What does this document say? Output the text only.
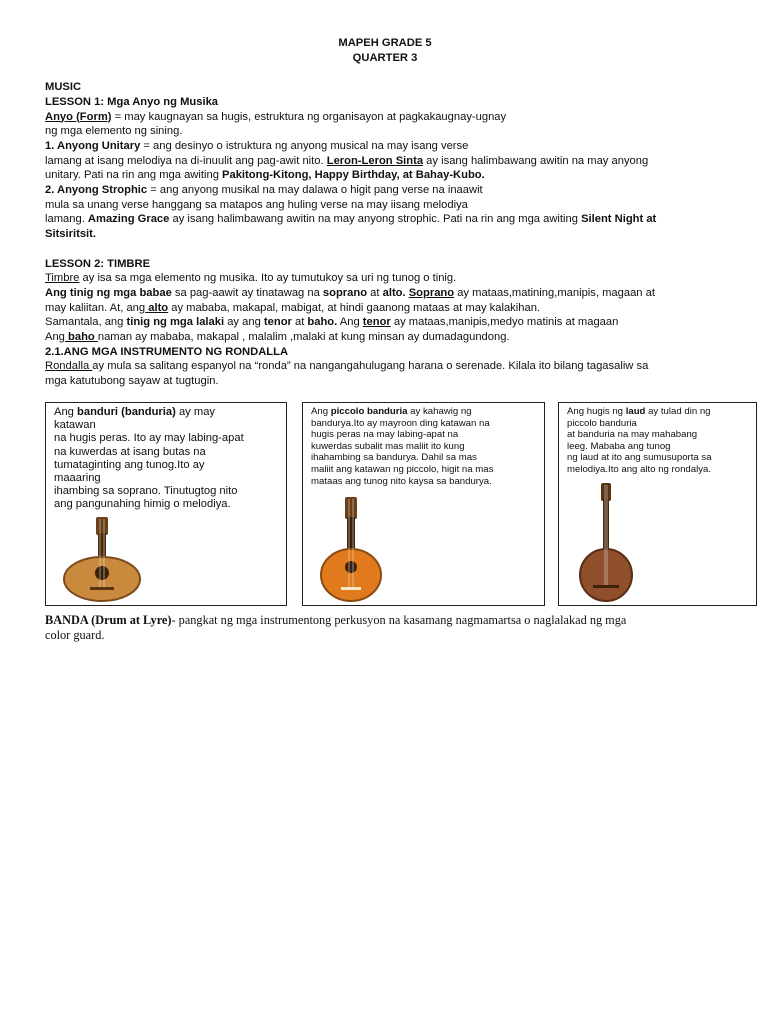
MAPEH GRADE 5
QUARTER 3

MUSIC

LESSON 1: Mga Anyo ng Musika

Anyo (Form) = may kaugnayan sa hugis, estruktura ng organisayon at pagkakaugnay-ugnay

ng mga elemento ng sining.

1. Anyong Unitary = ang desinyo o istruktura ng anyong musical na may isang verse

lamang at isang melodiya na di-inuulit ang pag-awit nito. Leron-Leron Sinta ay isang halimbawang awitin na may anyong

unitary. Pati na rin ang mga awiting Pakitong-Kitong, Happy Birthday, at Bahay-Kubo.

2. Anyong Strophic = ang anyong musikal na may dalawa o higit pang verse na inaawit

mula sa unang verse hanggang sa matapos ang huling verse na may iisang melodiya

lamang. Amazing Grace ay isang halimbawang awitin na may anyong strophic. Pati na rin ang mga awiting Silent Night at

Sitsiritsit.

LESSON 2: TIMBRE

Timbre ay isa sa mga elemento ng musika. Ito ay tumutukoy sa uri ng tunog o tinig.

Ang tinig ng mga babae sa pag-aawit ay tinatawag na soprano at alto. Soprano ay mataas,matining,manipis, magaan at

may kaliitan. At, ang alto ay mababa, makapal, mabigat, at hindi gaanong mataas at may kalakihan.

Samantala, ang tinig ng mga lalaki ay ang tenor at baho. Ang tenor ay mataas,manipis,medyo matinis at magaan

Ang baho naman ay mababa, makapal , malalim ,malaki at kung minsan ay dumadagundong.

2.1.ANG MGA INSTRUMENTO NG RONDALLA

Rondalla ay mula sa salitang espanyol na “ronda” na nangangahulugang harana o serenade. Kilala ito bilang tagasaliw sa

mga katutubong sayaw at tugtugin.

Ang banduri (banduria) ay may

katawan

na hugis peras. Ito ay may labing-apat

na kuwerdas at isang butas na

tumataginting ang tunog.Ito ay

maaaring

ihambing sa soprano. Tinutugtog nito

ang pangunahing himig o melodiya.

Ang piccolo banduria ay kahawig ng

bandurya.Ito ay mayroon ding katawan na

hugis peras na may labing-apat na

kuwerdas subalit mas maliit ito kung

ihahambing sa bandurya. Dahil sa mas

maliit ang katawan ng piccolo, higit na mas

mataas ang tunog nito kaysa sa bandurya.

Ang hugis ng laud ay tulad din ng

piccolo banduria

at banduria na may mahabang

leeg. Mababa ang tunog

ng laud at ito ang sumusuporta sa

melodiya.Ito ang alto ng rondalya.

BANDA (Drum at Lyre)- pangkat ng mga instrumentong perkusyon na kasamang nagmamartsa o naglalakad ng mga
color guard.
